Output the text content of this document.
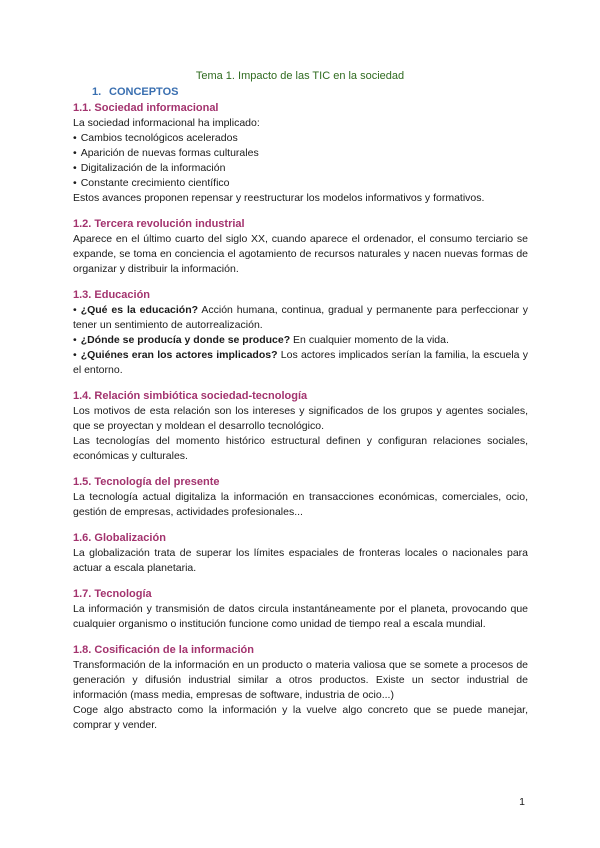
Tema 1. Impacto de las TIC en la sociedad
1. CONCEPTOS
1.1. Sociedad informacional

La sociedad informacional ha implicado:

• Cambios tecnológicos acelerados
• Aparición de nuevas formas culturales
• Digitalización de la información
• Constante crecimiento científico

Estos avances proponen repensar y reestructurar los modelos informativos y formativos.

1.2. Tercera revolución industrial

Aparece en el último cuarto del siglo XX, cuando aparece el ordenador, el consumo terciario se expande, se toma en conciencia el agotamiento de recursos naturales y nacen nuevas formas de organizar y distribuir la información.

1.3. Educación
• ¿Qué es la educación? Acción humana, continua, gradual y permanente para perfeccionar y tener un sentimiento de autorrealización.
• ¿Dónde se producía y donde se produce? En cualquier momento de la vida.
• ¿Quiénes eran los actores implicados? Los actores implicados serían la familia, la escuela y el entorno.
1.4. Relación simbiótica sociedad-tecnología

Los motivos de esta relación son los intereses y significados de los grupos y agentes sociales, que se proyectan y moldean el desarrollo tecnológico.

Las tecnologías del momento histórico estructural definen y configuran relaciones sociales, económicas y culturales.

1.5. Tecnología del presente

La tecnología actual digitaliza la información en transacciones económicas, comerciales, ocio, gestión de empresas, actividades profesionales...

1.6. Globalización

La globalización trata de superar los límites espaciales de fronteras locales o nacionales para actuar a escala planetaria.

1.7. Tecnología

La información y transmisión de datos circula instantáneamente por el planeta, provocando que cualquier organismo o institución funcione como unidad de tiempo real a escala mundial.

1.8. Cosificación de la información

Transformación de la información en un producto o materia valiosa que se somete a procesos de generación y difusión industrial similar a otros productos. Existe un sector industrial de información (mass media, empresas de software, industria de ocio...)

Coge algo abstracto como la información y la vuelve algo concreto que se puede manejar, comprar y vender.

1
